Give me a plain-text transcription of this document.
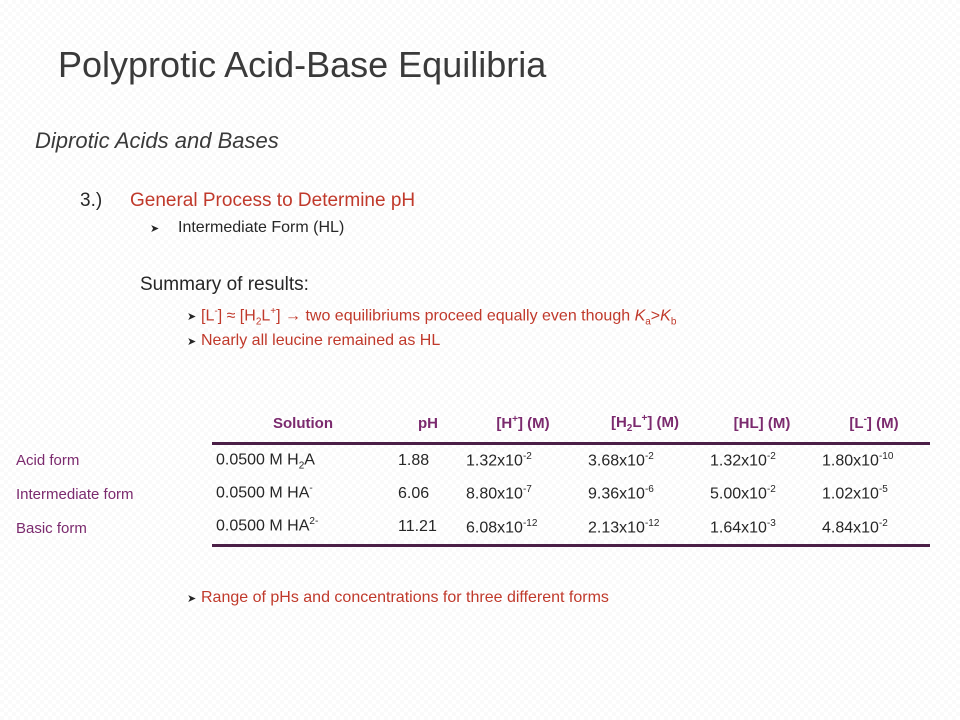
Polyprotic Acid-Base Equilibria
Diprotic Acids and Bases
3.) General Process to Determine pH
➤ Intermediate Form (HL)
Summary of results:
➤ $[L^-] \approx [H_2L^+]$ → two equilibriums proceed equally even though $K_a>K_b$
➤ Nearly all leucine remained as HL
	Solution	pH	[H+] (M)	$[H_2L^+]$ (M)	[HL] (M)	[L-] (M)
Acid form	0.0500 M $H_2A$	1.88	$1.32x10^{-2}$	$3.68x10^{-2}$	$1.32x10^{-2}$	$1.80x10^{-10}$
Intermediate form	0.0500 M HA-	6.06	$8.80x10^{-7}$	$9.36x10^{-6}$	$5.00x10^{-2}$	$1.02x10^{-5}$
Basic form	0.0500 M $HA^{2-}$	11.21	$6.08x10^{-12}$	$2.13x10^{-12}$	$1.64x10^{-3}$	$4.84x10^{-2}$
➤ Range of pHs and concentrations for three different forms
